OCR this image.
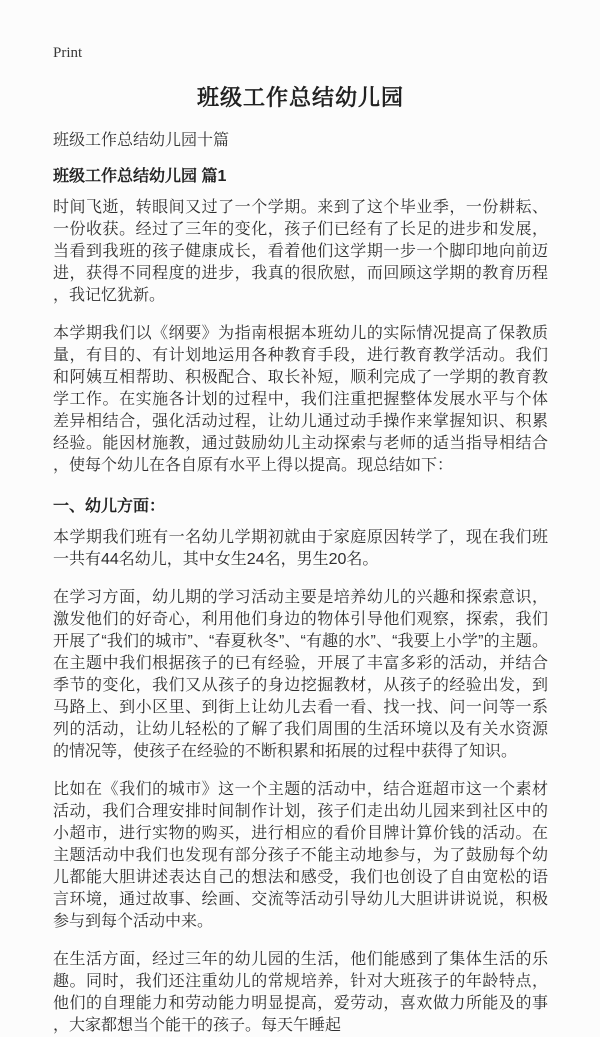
Print
班级工作总结幼儿园
班级工作总结幼儿园十篇
班级工作总结幼儿园 篇1

时间飞逝，转眼间又过了一个学期。来到了这个毕业季，一份耕耘、一份收获。经过了三年的变化，孩子们已经有了长足的进步和发展，当看到我班的孩子健康成长，看着他们这学期一步一个脚印地向前迈进，获得不同程度的进步，我真的很欣慰，而回顾这学期的教育历程，我记忆犹新。

本学期我们以《纲要》为指南根据本班幼儿的实际情况提高了保教质量，有目的、有计划地运用各种教育手段，进行教育教学活动。我们和阿姨互相帮助、积极配合、取长补短，顺利完成了一学期的教育教学工作。在实施各计划的过程中，我们注重把握整体发展水平与个体差异相结合，强化活动过程，让幼儿通过动手操作来掌握知识、积累经验。能因材施教，通过鼓励幼儿主动探索与老师的适当指导相结合，使每个幼儿在各自原有水平上得以提高。现总结如下：

一、幼儿方面：

本学期我们班有一名幼儿学期初就由于家庭原因转学了，现在我们班一共有44名幼儿，其中女生24名，男生20名。

在学习方面，幼儿期的学习活动主要是培养幼儿的兴趣和探索意识，激发他们的好奇心，利用他们身边的物体引导他们观察，探索，我们开展了“我们的城市”、“春夏秋冬”、“有趣的水”、“我要上小学”的主题。在主题中我们根据孩子的已有经验，开展了丰富多彩的活动，并结合季节的变化，我们又从孩子的身边挖掘教材，从孩子的经验出发，到马路上、到小区里、到街上让幼儿去看一看、找一找、问一问等一系列的活动，让幼儿轻松的了解了我们周围的生活环境以及有关水资源的情况等，使孩子在经验的不断积累和拓展的过程中获得了知识。

比如在《我们的城市》这一个主题的活动中，结合逛超市这一个素材活动，我们合理安排时间制作计划，孩子们走出幼儿园来到社区中的小超市，进行实物的购买，进行相应的看价目牌计算价钱的活动。在主题活动中我们也发现有部分孩子不能主动地参与，为了鼓励每个幼儿都能大胆讲述表达自己的想法和感受，我们也创设了自由宽松的语言环境，通过故事、绘画、交流等活动引导幼儿大胆讲讲说说，积极参与到每个活动中来。

在生活方面，经过三年的幼儿园的生活，他们能感到了集体生活的乐趣。同时，我们还注重幼儿的常规培养，针对大班孩子的年龄特点，他们的自理能力和劳动能力明显提高，爱劳动，喜欢做力所能及的事，大家都想当个能干的孩子。每天午睡起
